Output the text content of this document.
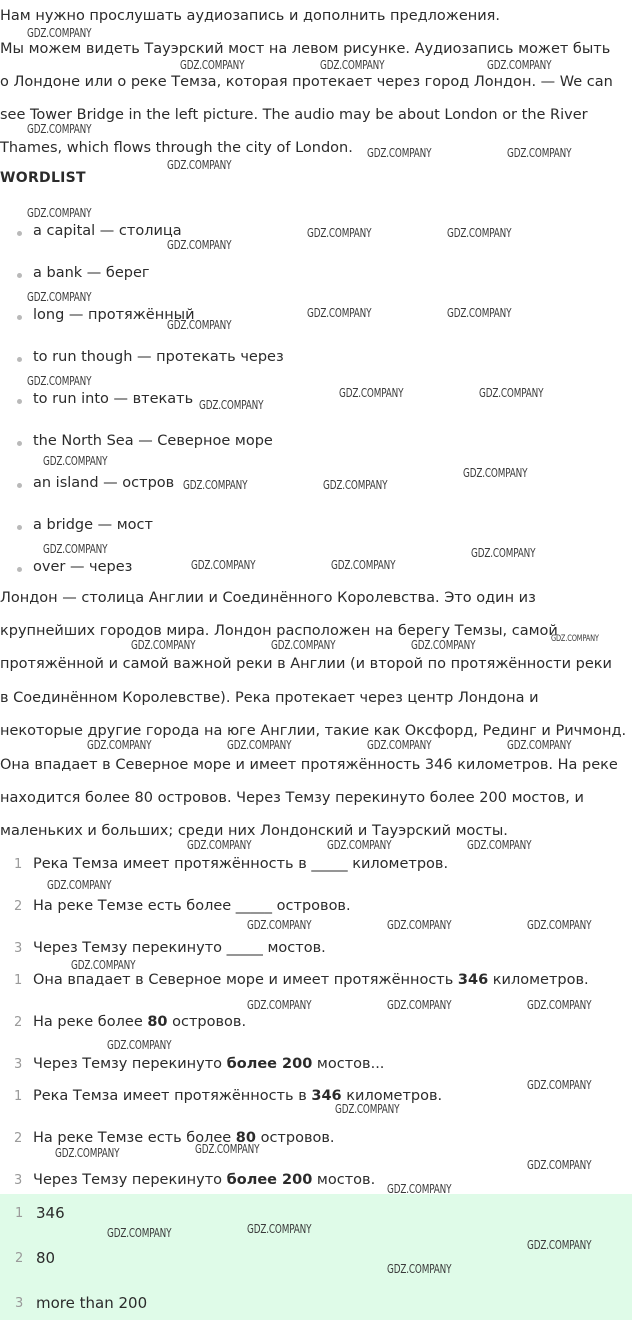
Нам нужно прослушать аудиозапись и дополнить предложения.

Мы можем видеть Тауэрский мост на левом рисунке. Аудиозапись может быть

о Лондоне или о реке Темза, которая протекает через город Лондон. — We can

see Tower Bridge in the left picture. The audio may be about London or the River

Thames, which flows through the city of London.

WORDLIST
a capital — столица
a bank — берег
long — протяжённый
to run though — протекать через
to run into — втекать
the North Sea — Северное море
an island — остров
a bridge — мост
over — через

Лондон — столица Англии и Соединённого Королевства. Это один из

крупнейших городов мира. Лондон расположен на берегу Темзы, самой

протяжённой и самой важной реки в Англии (и второй по протяжённости реки

в Соединённом Королевстве). Река протекает через центр Лондона и

некоторые другие города на юге Англии, такие как Оксфорд, Рединг и Ричмонд.

Она впадает в Северное море и имеет протяжённость 346 километров. На реке

находится более 80 островов. Через Темзу перекинуто более 200 мостов, и

маленьких и больших; среди них Лондонский и Тауэрский мосты.

1 Река Темза имеет протяжённость в _____ километров.
2 На реке Темзе есть более _____ островов.
3 Через Темзу перекинуто _____ мостов.
1 Она впадает в Северное море и имеет протяжённость 346 километров.
2 На реке более 80 островов.
3 Через Темзу перекинуто более 200 мостов...
1 Река Темза имеет протяжённость в 346 километров.
2 На реке Темзе есть более 80 островов.
3 Через Темзу перекинуто более 200 мостов.
1 346
2 80
3 more than 200
GDZ.COMPANY
GDZ.COMPANY	GDZ.COMPANY	GDZ.COMPANY
GDZ.COMPANY
GDZ.COMPANY	GDZ.COMPANY
GDZ.COMPANY
GDZ.COMPANY
GDZ.COMPANY	GDZ.COMPANY
GDZ.COMPANY
GDZ.COMPANY
GDZ.COMPANY	GDZ.COMPANY
GDZ.COMPANY
GDZ.COMPANY
GDZ.COMPANY	GDZ.COMPANY
GDZ.COMPANY
GDZ.COMPANY
GDZ.COMPANY
GDZ.COMPANY	GDZ.COMPANY
GDZ.COMPANY	GDZ.COMPANY
GDZ.COMPANY	GDZ.COMPANY
GDZ.COMPANY
GDZ.COMPANY	GDZ.COMPANY	GDZ.COMPANY
GDZ.COMPANY	GDZ.COMPANY	GDZ.COMPANY	GDZ.COMPANY
GDZ.COMPANY	GDZ.COMPANY	GDZ.COMPANY
GDZ.COMPANY
GDZ.COMPANY	GDZ.COMPANY	GDZ.COMPANY
GDZ.COMPANY
GDZ.COMPANY	GDZ.COMPANY	GDZ.COMPANY
GDZ.COMPANY
GDZ.COMPANY
GDZ.COMPANY
GDZ.COMPANY
GDZ.COMPANY
GDZ.COMPANY
GDZ.COMPANY
GDZ.COMPANY
GDZ.COMPANY
GDZ.COMPANY
GDZ.COMPANY
